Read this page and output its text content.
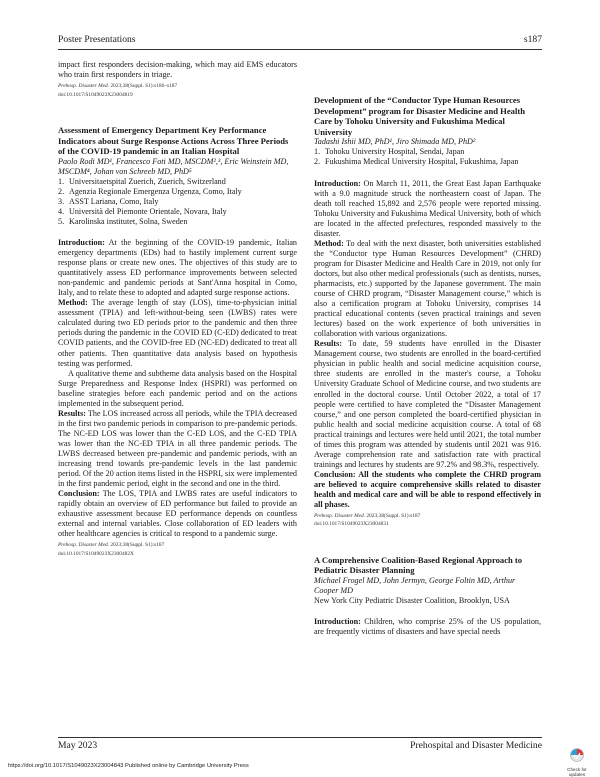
Poster Presentations	s187

impact first responders decision-making, which may aid EMS educators who train first responders in triage.

Prehosp. Disaster Med. 2023;38(Suppl. S1):s186–s187
doi:10.1017/S1049023X23004819
Assessment of Emergency Department Key Performance Indicators about Surge Response Actions Across Three Periods of the COVID-19 pandemic in an Italian Hospital
Paolo Rodi MD¹, Francesco Foti MD, MSCDM²,³, Eric Weinstein MD, MSCDM⁴, Johan von Schreeb MD, PhD⁵
1. Universitaetspital Zuerich, Zuerich, Switzerland
2. Agenzia Regionale Emergenza Urgenza, Como, Italy
3. ASST Lariana, Como, Italy
4. Università del Piemonte Orientale, Novara, Italy
5. Karolinska institutet, Solna, Sweden

Introduction: At the beginning of the COVID-19 pandemic, Italian emergency departments (EDs) had to hastily implement current surge response plans or create new ones. The objectives of this study are to quantitatively assess ED performance improvements between selected non-pandemic and pandemic periods at Sant'Anna hospital in Como, Italy, and to relate these to adopted and adapted surge response actions.

Method: The average length of stay (LOS), time-to-physician initial assessment (TPIA) and left-without-being seen (LWBS) rates were calculated during two ED periods prior to the pandemic and then three periods during the pandemic in the COVID ED (C-ED) dedicated to treat COVID patients, and the COVID-free ED (NC-ED) dedicated to treat all other patients. Then quantitative data analysis based on hypothesis testing was performed.

A qualitative theme and subtheme data analysis based on the Hospital Surge Preparedness and Response Index (HSPRI) was performed on baseline strategies before each pandemic period and on the actions implemented in the subsequent period.

Results: The LOS increased across all periods, while the TPIA decreased in the first two pandemic periods in comparison to pre-pandemic periods. The NC-ED LOS was lower than the C-ED LOS, and the C-ED TPIA was lower than the NC-ED TPIA in all three pandemic periods. The LWBS decreased between pre-pandemic and pandemic periods, with an increasing trend towards pre-pandemic levels in the last pandemic period. Of the 20 action items listed in the HSPRI, six were implemented in the first pandemic period, eight in the second and one in the third.

Conclusion: The LOS, TPIA and LWBS rates are useful indicators to rapidly obtain an overview of ED performance but failed to provide an exhaustive assessment because ED performance depends on countless external and internal variables. Close collaboration of ED leaders with other healthcare agencies is critical to respond to a pandemic surge.

Prehosp. Disaster Med. 2023;38(Suppl. S1):s187
doi:10.1017/S1049023X2300482X
Development of the “Conductor Type Human Resources Development” program for Disaster Medicine and Health Care by Tohoku University and Fukushima Medical University
Tadashi Ishii MD, PhD¹, Jiro Shimada MD, PhD²
1. Tohoku University Hospital, Sendai, Japan
2. Fukushima Medical University Hospital, Fukushima, Japan

Introduction: On March 11, 2011, the Great East Japan Earthquake with a 9.0 magnitude struck the northeastern coast of Japan. The death toll reached 15,892 and 2,576 people were reported missing. Tohoku University and Fukushima Medical University, both of which are located in the affected prefectures, responded massively to the disaster.

Method: To deal with the next disaster, both universities established the “Conductor type Human Resources Development” (CHRD) program for Disaster Medicine and Health Care in 2019, not only for doctors, but also other medical professionals (such as dentists, nurses, pharmacists, etc.) supported by the Japanese government. The main course of CHRD program, “Disaster Management course,” which is also a certification program at Tohoku University, comprises 14 practical educational contents (seven practical trainings and seven lectures) based on the work experience of both universities in collaboration with various organizations.

Results: To date, 59 students have enrolled in the Disaster Management course, two students are enrolled in the board-certified physician in public health and social medicine acquisition course, three students are enrolled in the master's course, a Tohoku University Graduate School of Medicine course, and two students are enrolled in the doctoral course. Until October 2022, a total of 17 people were certified to have completed the “Disaster Management course,” and one person completed the board-certified physician in public health and social medicine acquisition course. A total of 68 practical trainings and lectures were held until 2021, the total number of times this program was attended by students until 2021 was 916. Average comprehension rate and satisfaction rate with practical trainings and lectures by students are 97.2% and 98.3%, respectively.

Conclusion: All the students who complete the CHRD program are believed to acquire comprehensive skills related to disaster health and medical care and will be able to respond effectively in all phases.

Prehosp. Disaster Med. 2023;38(Suppl. S1):s187
doi:10.1017/S1049023X23004831
A Comprehensive Coalition-Based Regional Approach to Pediatric Disaster Planning
Michael Frogel MD, John Jermyn, George Foltin MD, Arthur Cooper MD
New York City Pediatric Disaster Coalition, Brooklyn, USA

Introduction: Children, who comprise 25% of the US population, are frequently victims of disasters and have special needs

May 2023	Prehospital and Disaster Medicine
https://doi.org/10.1017/S1049023X23004843 Published online by Cambridge University Press
Check for
updates
